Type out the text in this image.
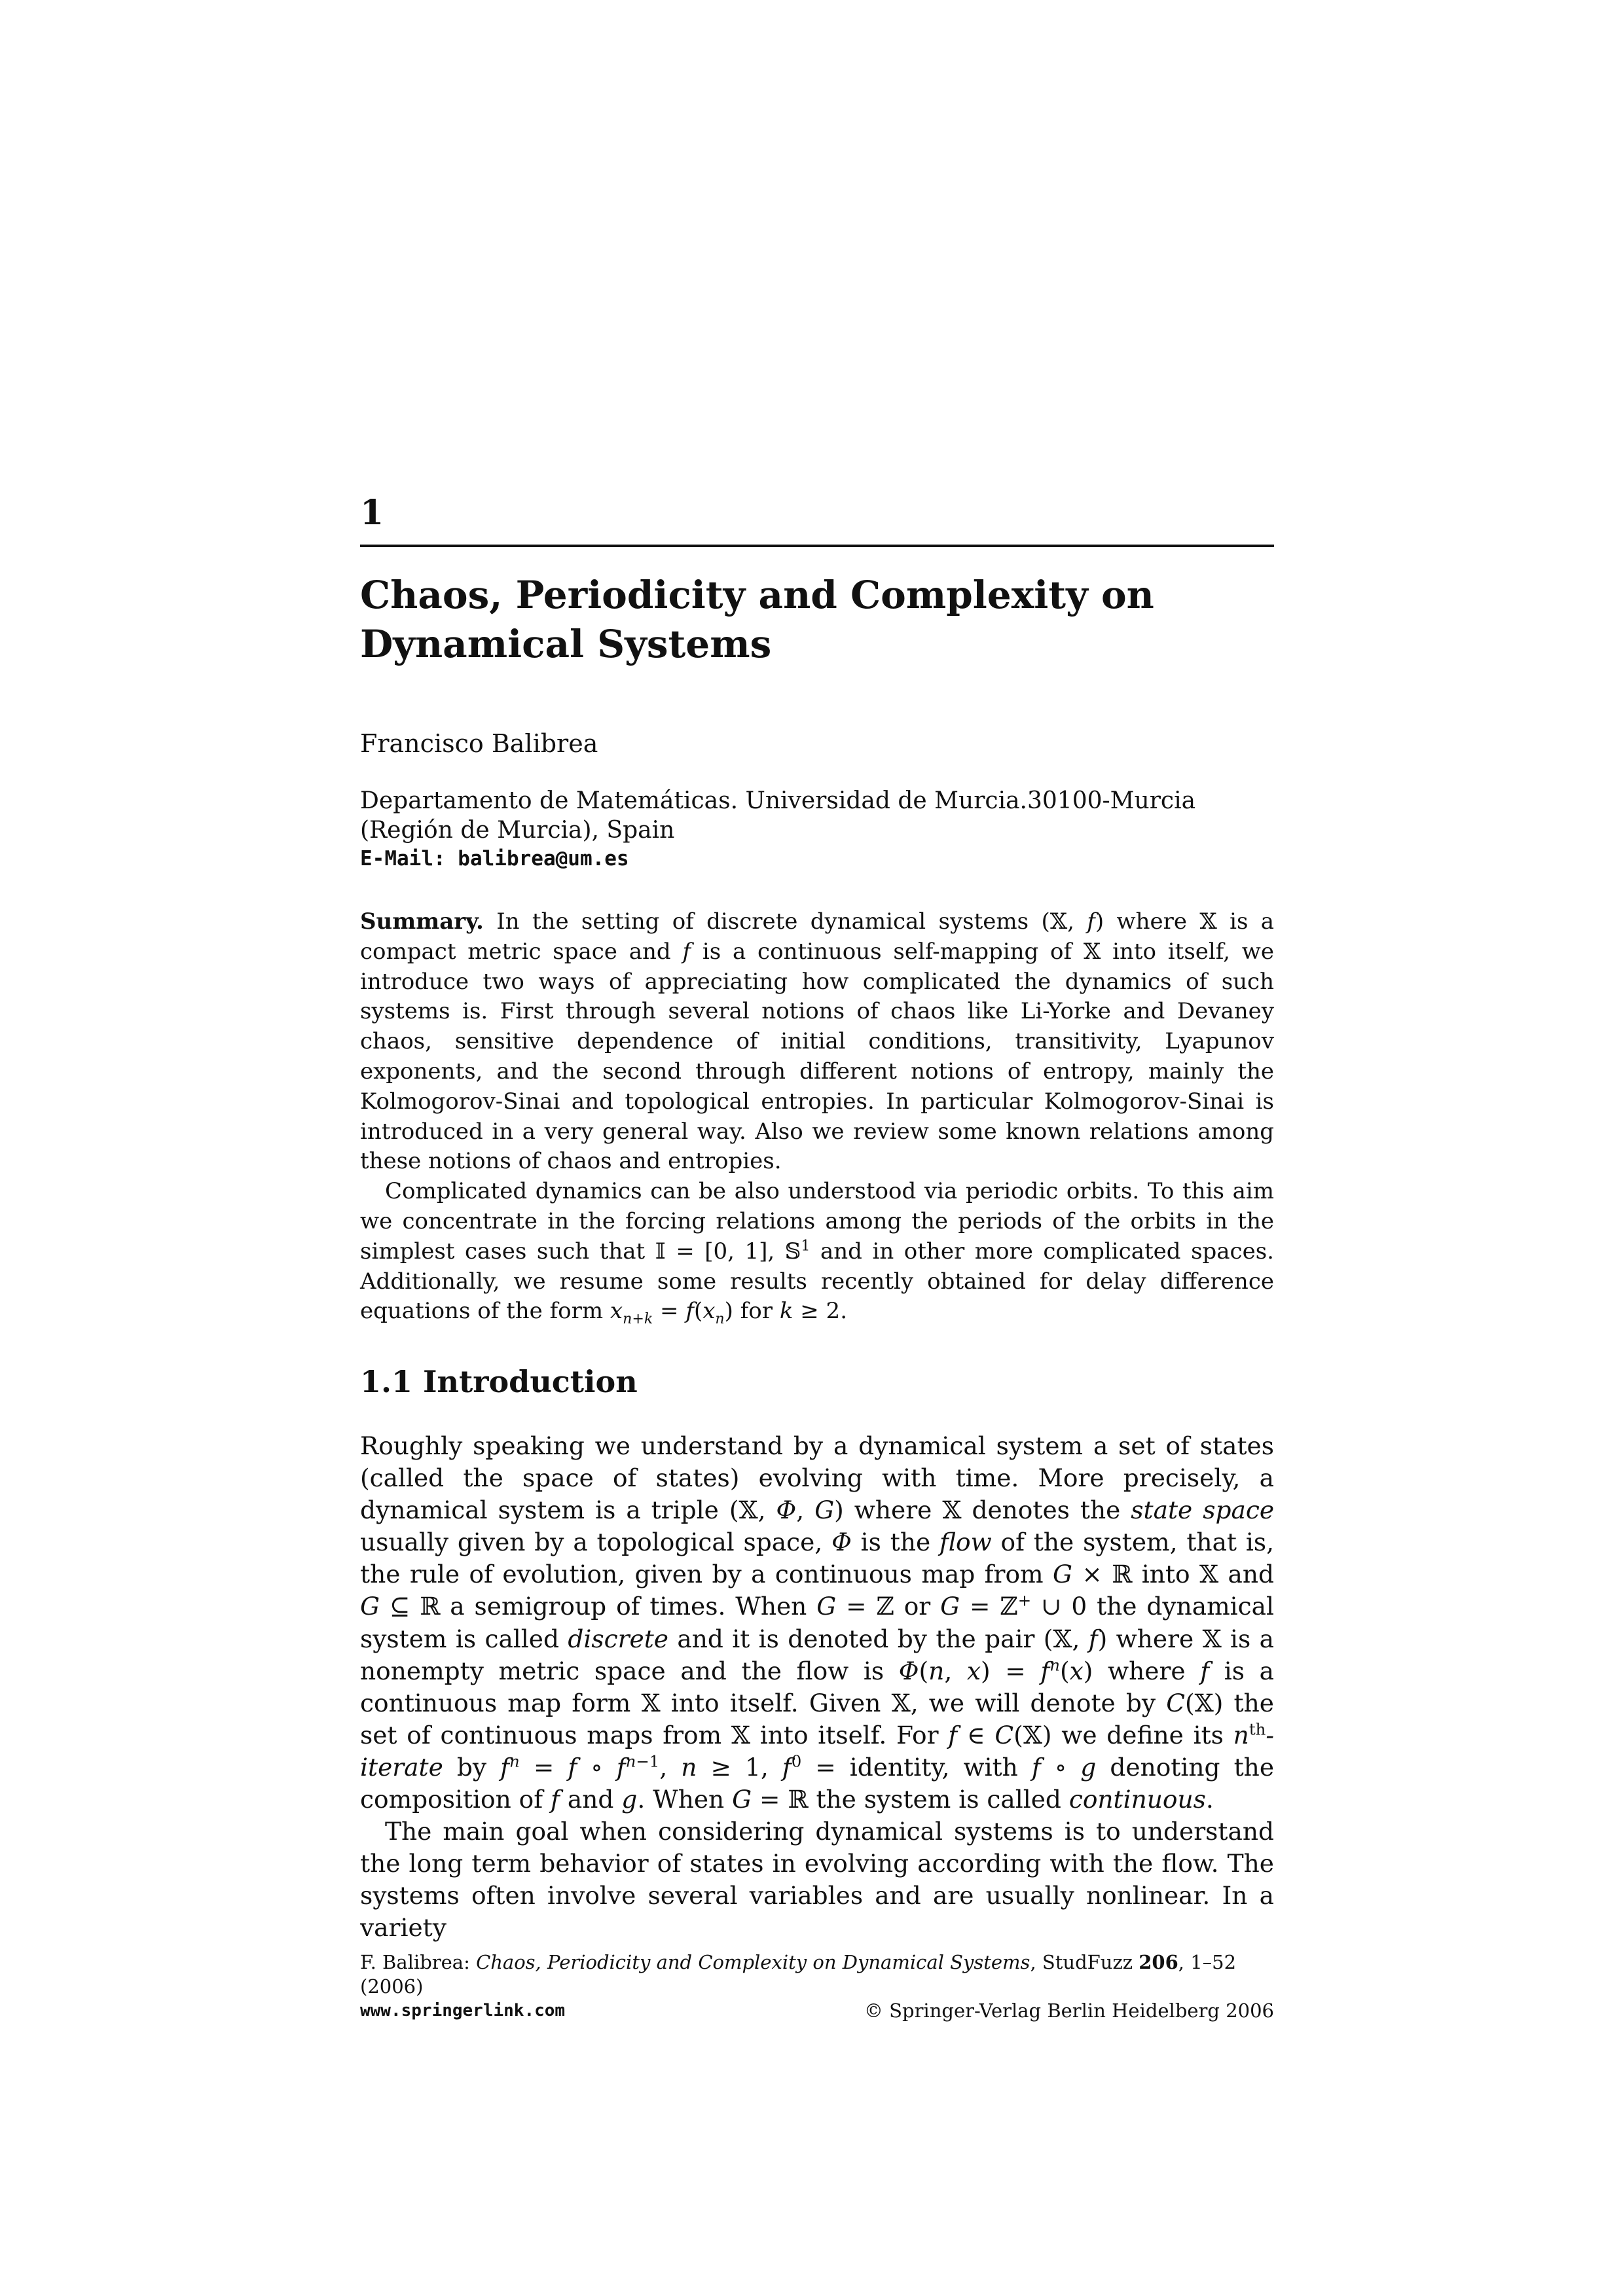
1
Chaos, Periodicity and Complexity on Dynamical Systems
Francisco Balibrea
Departamento de Matemáticas. Universidad de Murcia.30100-Murcia (Región de Murcia), Spain
E-Mail: balibrea@um.es

Summary. In the setting of discrete dynamical systems (𝕏, f) where 𝕏 is a compact metric space and f is a continuous self-mapping of 𝕏 into itself, we introduce two ways of appreciating how complicated the dynamics of such systems is. First through several notions of chaos like Li-Yorke and Devaney chaos, sensitive dependence of initial conditions, transitivity, Lyapunov exponents, and the second through different notions of entropy, mainly the Kolmogorov-Sinai and topological entropies. In particular Kolmogorov-Sinai is introduced in a very general way. Also we review some known relations among these notions of chaos and entropies.

Complicated dynamics can be also understood via periodic orbits. To this aim we concentrate in the forcing relations among the periods of the orbits in the simplest cases such that 𝕀 = [0, 1], 𝕊$^1$ and in other more complicated spaces. Additionally, we resume some results recently obtained for delay difference equations of the form $x_{n+k} = f(x_n)$ for k ≥ 2.

1.1 Introduction

Roughly speaking we understand by a dynamical system a set of states (called the space of states) evolving with time. More precisely, a dynamical system is a triple (𝕏, Φ, G) where 𝕏 denotes the state space usually given by a topological space, Φ is the flow of the system, that is, the rule of evolution, given by a continuous map from G × ℝ into 𝕏 and G ⊆ ℝ a semigroup of times. When G = ℤ or G = ℤ+ ∪ 0 the dynamical system is called discrete and it is denoted by the pair (𝕏, f) where 𝕏 is a nonempty metric space and the flow is Φ(n, $x) = f^n(x)$ where f is a continuous map form 𝕏 into itself. Given 𝕏, we will denote by C(𝕏) the set of continuous maps from 𝕏 into itself. For f ∈ C(𝕏) we define its $n^{th}$-iterate by $f^n = f$ ∘ $f^{n-1}$, n ≥ 1, $f^0$ = identity, with f ∘ g denoting the composition of f and g. When G = ℝ the system is called continuous.

The main goal when considering dynamical systems is to understand the long term behavior of states in evolving according with the flow. The systems often involve several variables and are usually nonlinear. In a variety

F. Balibrea: Chaos, Periodicity and Complexity on Dynamical Systems, StudFuzz 206, 1–52 (2006)
www.springerlink.com	© Springer-Verlag Berlin Heidelberg 2006
